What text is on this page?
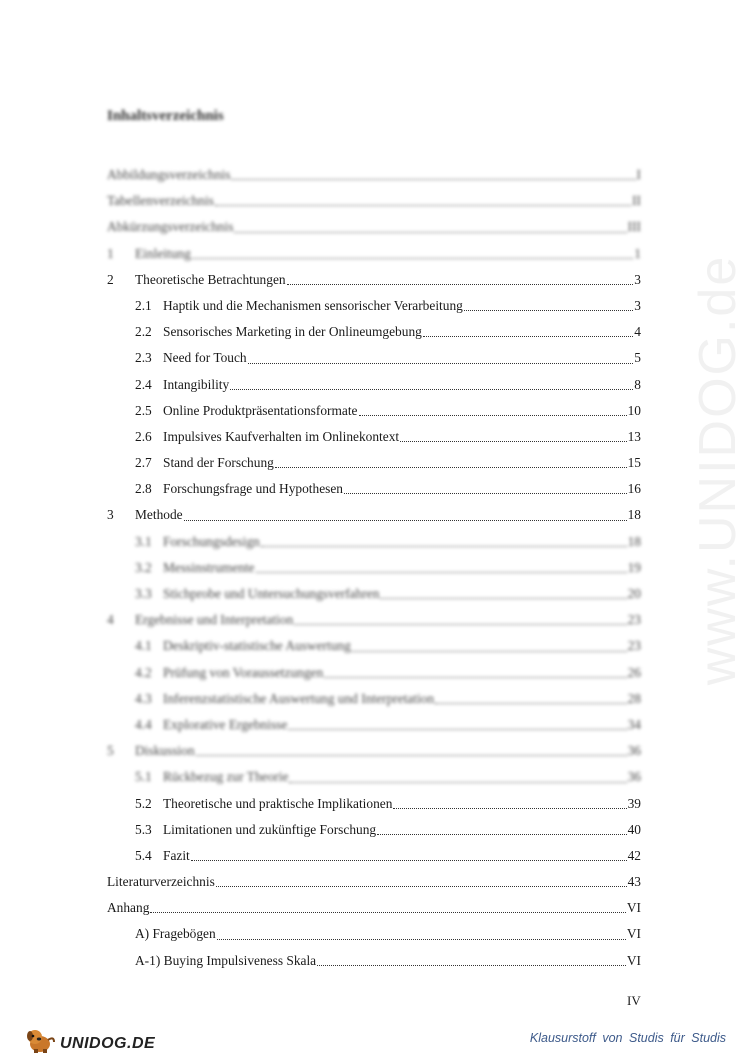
www.UNIDOG.de
Inhaltsverzeichnis
Abbildungsverzeichnis	I
Tabellenverzeichnis	II
Abkürzungsverzeichnis	III
1	Einleitung	1
2	Theoretische Betrachtungen	3
2.1 Haptik und die Mechanismen sensorischer Verarbeitung	3
2.2 Sensorisches Marketing in der Onlineumgebung	4
2.3 Need for Touch	5
2.4 Intangibility	8
2.5 Online Produktpräsentationsformate	10
2.6 Impulsives Kaufverhalten im Onlinekontext	13
2.7 Stand der Forschung	15
2.8 Forschungsfrage und Hypothesen	16
3	Methode	18
3.1 Forschungsdesign	18
3.2 Messinstrumente	19
3.3 Stichprobe und Untersuchungsverfahren	20
4	Ergebnisse und Interpretation	23
4.1 Deskriptiv-statistische Auswertung	23
4.2 Prüfung von Voraussetzungen	26
4.3 Inferenzstatistische Auswertung und Interpretation	28
4.4 Explorative Ergebnisse	34
5	Diskussion	36
5.1 Rückbezug zur Theorie	36
5.2 Theoretische und praktische Implikationen	39
5.3 Limitationen und zukünftige Forschung	40
5.4 Fazit	42
Literaturverzeichnis	43
Anhang	VI
A) Fragebögen	VI
A-1) Buying Impulsiveness Skala	VI
IV
UNIDOG.DE	Klausurstoff von Studis für Studis
